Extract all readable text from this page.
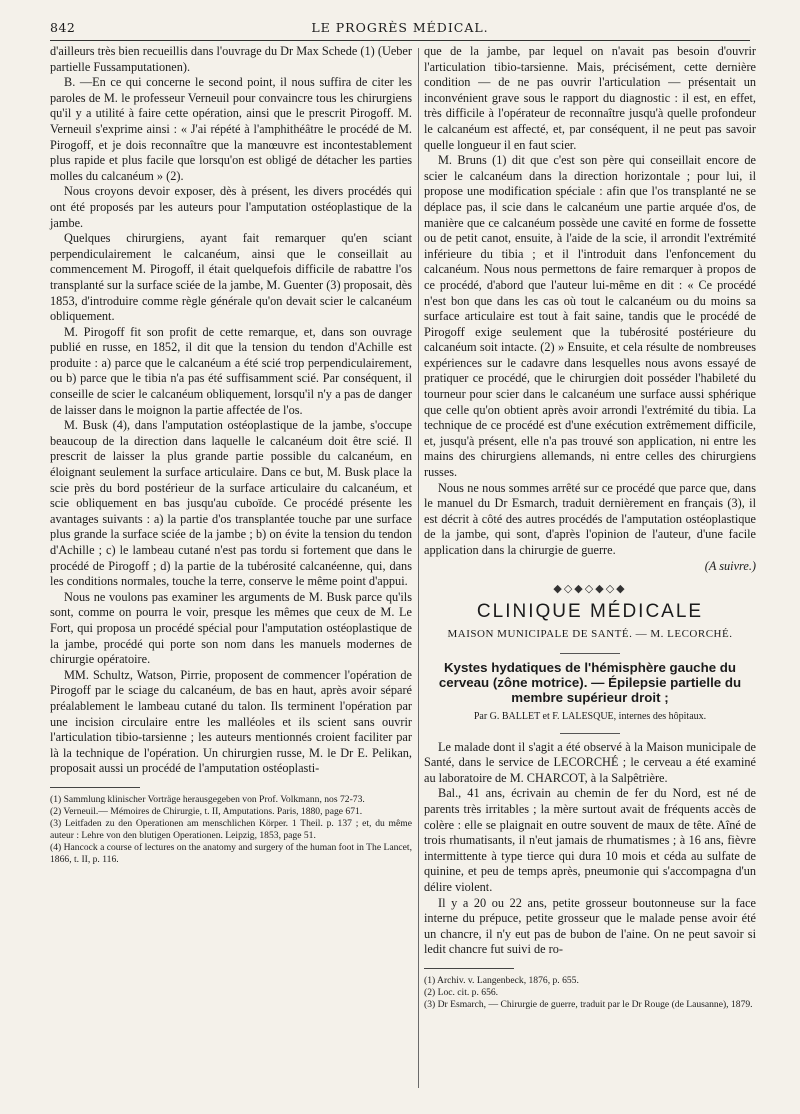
842	LE PROGRÈS MÉDICAL.

d'ailleurs très bien recueillis dans l'ouvrage du Dr Max Schede (1) (Ueber partielle Fussamputationen).

B. —En ce qui concerne le second point, il nous suffira de citer les paroles de M. le professeur Verneuil pour convaincre tous les chirurgiens qu'il y a utilité à faire cette opération, ainsi que le prescrit Pirogoff. M. Verneuil s'exprime ainsi : « J'ai répété à l'amphithéâtre le procédé de M. Pirogoff, et je dois reconnaître que la manœuvre est incontestablement plus rapide et plus facile que lorsqu'on est obligé de détacher les parties molles du calcanéum » (2).

Nous croyons devoir exposer, dès à présent, les divers procédés qui ont été proposés par les auteurs pour l'amputation ostéoplastique de la jambe.

Quelques chirurgiens, ayant fait remarquer qu'en sciant perpendiculairement le calcanéum, ainsi que le conseillait au commencement M. Pirogoff, il était quelquefois difficile de rabattre l'os transplanté sur la surface sciée de la jambe, M. Guenter (3) proposait, dès 1853, d'introduire comme règle générale qu'on devait scier le calcanéum obliquement.

M. Pirogoff fit son profit de cette remarque, et, dans son ouvrage publié en russe, en 1852, il dit que la tension du tendon d'Achille est produite : a) parce que le calcanéum a été scié trop perpendiculairement, ou b) parce que le tibia n'a pas été suffisamment scié. Par conséquent, il conseille de scier le calcanéum obliquement, lorsqu'il n'y a pas de danger de laisser dans le moignon la partie affectée de l'os.

M. Busk (4), dans l'amputation ostéoplastique de la jambe, s'occupe beaucoup de la direction dans laquelle le calcanéum doit être scié. Il prescrit de laisser la plus grande partie possible du calcanéum, en éloignant seulement la surface articulaire. Dans ce but, M. Busk place la scie près du bord postérieur de la surface articulaire du calcanéum, et scie obliquement en bas jusqu'au cuboïde. Ce procédé présente les avantages suivants : a) la partie d'os transplantée touche par une surface plus grande la surface sciée de la jambe ; b) on évite la tension du tendon d'Achille ; c) le lambeau cutané n'est pas tordu si fortement que dans le procédé de Pirogoff ; d) la partie de la tubérosité calcanéenne, qui, dans les conditions normales, touche la terre, conserve le même point d'appui.

Nous ne voulons pas examiner les arguments de M. Busk parce qu'ils sont, comme on pourra le voir, presque les mêmes que ceux de M. Le Fort, qui proposa un procédé spécial pour l'amputation ostéoplastique de la jambe, procédé qui porte son nom dans les manuels modernes de chirurgie opératoire.

MM. Schultz, Watson, Pirrie, proposent de commencer l'opération de Pirogoff par le sciage du calcanéum, de bas en haut, après avoir séparé préalablement le lambeau cutané du talon. Ils terminent l'opération par une incision circulaire entre les malléoles et ils scient sans ouvrir l'articulation tibio-tarsienne ; les auteurs mentionnés croient faciliter par là la technique de l'opération. Un chirurgien russe, M. le Dr E. Pelikan, proposait aussi un procédé de l'amputation ostéoplasti-

(1) Sammlung klinischer Vorträge herausgegeben von Prof. Volkmann, nos 72-73.

(2) Verneuil.— Mémoires de Chirurgie, t. II, Amputations. Paris, 1880, page 671.

(3) Leitfaden zu den Operationen am menschlichen Körper. 1 Theil. p. 137 ; et, du même auteur : Lehre von den blutigen Operationen. Leipzig, 1853, page 51.

(4) Hancock a course of lectures on the anatomy and surgery of the human foot in The Lancet, 1866, t. II, p. 116.

que de la jambe, par lequel on n'avait pas besoin d'ouvrir l'articulation tibio-tarsienne. Mais, précisément, cette dernière condition — de ne pas ouvrir l'articulation — présentait un inconvénient grave sous le rapport du diagnostic : il est, en effet, très difficile à l'opérateur de reconnaître jusqu'à quelle profondeur le calcanéum est affecté, et, par conséquent, il ne peut pas savoir quelle longueur il en faut scier.

M. Bruns (1) dit que c'est son père qui conseillait encore de scier le calcanéum dans la direction horizontale ; pour lui, il propose une modification spéciale : afin que l'os transplanté ne se déplace pas, il scie dans le calcanéum une partie arquée d'os, de manière que ce calcanéum possède une cavité en forme de fossette ou de petit canot, ensuite, à l'aide de la scie, il arrondit l'extrémité inférieure du tibia ; et il l'introduit dans l'enfoncement du calcanéum. Nous nous permettons de faire remarquer à propos de ce procédé, d'abord que l'auteur lui-même en dit : « Ce procédé n'est bon que dans les cas où tout le calcanéum ou du moins sa surface articulaire est tout à fait saine, tandis que le procédé de Pirogoff exige seulement que la tubérosité postérieure du calcanéum soit intacte. (2) » Ensuite, et cela résulte de nombreuses expériences sur le cadavre dans lesquelles nous avons essayé de pratiquer ce procédé, que le chirurgien doit posséder l'habileté du tourneur pour scier dans le calcanéum une surface aussi sphérique que celle qu'on obtient après avoir arrondi l'extrémité du tibia. La technique de ce procédé est d'une exécution extrêmement difficile, et, jusqu'à présent, elle n'a pas trouvé son application, ni entre les mains des chirurgiens allemands, ni entre celles des chirurgiens russes.

Nous ne nous sommes arrêté sur ce procédé que parce que, dans le manuel du Dr Esmarch, traduit dernièrement en français (3), il est décrit à côté des autres procédés de l'amputation ostéoplastique de la jambe, qui sont, d'après l'opinion de l'auteur, d'une facile application dans la chirurgie de guerre.

(A suivre.)

◆◇◆◇◆◇◆
CLINIQUE MÉDICALE
MAISON MUNICIPALE DE SANTÉ. — M. LECORCHÉ.
Kystes hydatiques de l'hémisphère gauche du cerveau (zône motrice). — Épilepsie partielle du membre supérieur droit ;
Par G. BALLET et F. LALESQUE, internes des hôpitaux.

Le malade dont il s'agit a été observé à la Maison municipale de Santé, dans le service de LECORCHÉ ; le cerveau a été examiné au laboratoire de M. CHARCOT, à la Salpêtrière.

Bal., 41 ans, écrivain au chemin de fer du Nord, est né de parents très irritables ; la mère surtout avait de fréquents accès de colère : elle se plaignait en outre souvent de maux de tête. Aîné de trois rhumatisants, il n'eut jamais de rhumatismes ; à 16 ans, fièvre intermittente à type tierce qui dura 10 mois et céda au sulfate de quinine, et peu de temps après, pneumonie qui s'accompagna d'un délire violent.

Il y a 20 ou 22 ans, petite grosseur boutonneuse sur la face interne du prépuce, petite grosseur que le malade pense avoir été un chancre, il n'y eut pas de bubon de l'aine. On ne peut savoir si ledit chancre fut suivi de ro-

(1) Archiv. v. Langenbeck, 1876, p. 655.

(2) Loc. cit. p. 656.

(3) Dr Esmarch, — Chirurgie de guerre, traduit par le Dr Rouge (de Lausanne), 1879.
